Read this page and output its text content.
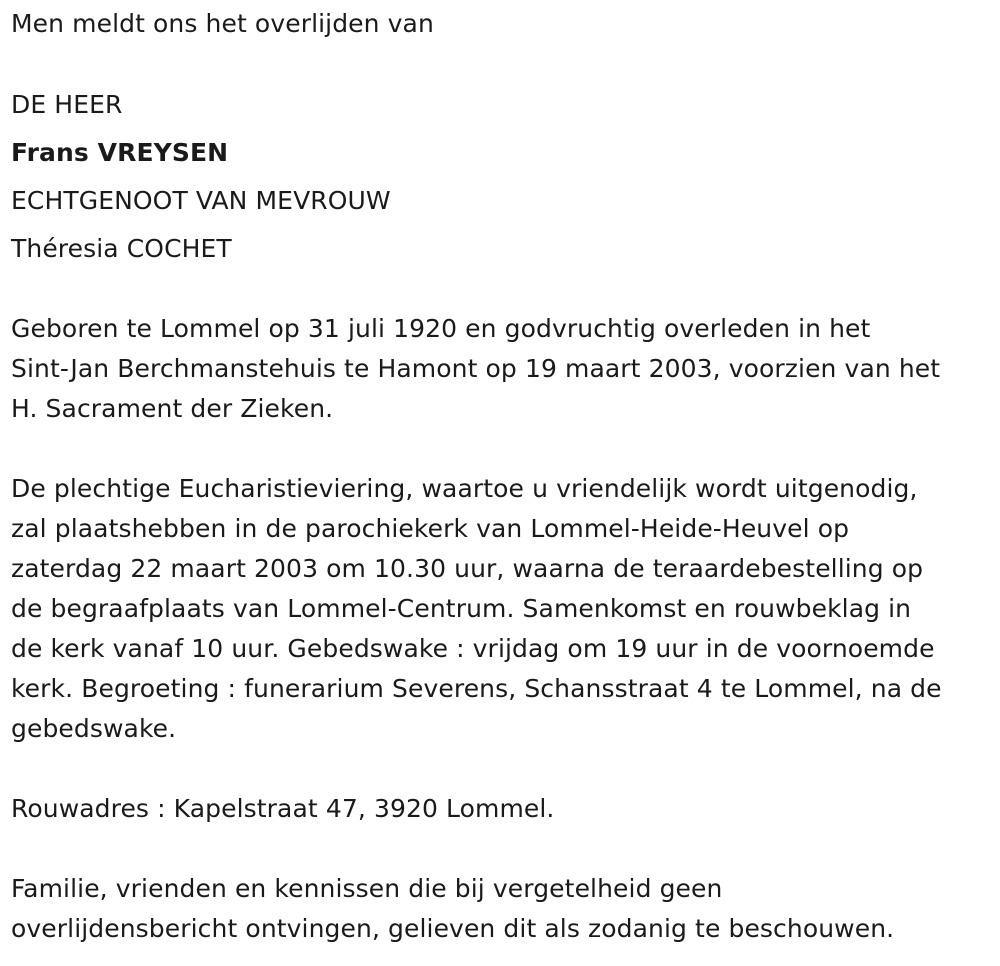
Men meldt ons het overlijden van
DE HEER
Frans VREYSEN
ECHTGENOOT VAN MEVROUW
Théresia COCHET
Geboren te Lommel op 31 juli 1920 en godvruchtig overleden in het
Sint-Jan Berchmanstehuis te Hamont op 19 maart 2003, voorzien van het
H. Sacrament der Zieken.
De plechtige Eucharistieviering, waartoe u vriendelijk wordt uitgenodig,
zal plaatshebben in de parochiekerk van Lommel-Heide-Heuvel op
zaterdag 22 maart 2003 om 10.30 uur, waarna de teraardebestelling op
de begraafplaats van Lommel-Centrum. Samenkomst en rouwbeklag in
de kerk vanaf 10 uur. Gebedswake : vrijdag om 19 uur in de voornoemde
kerk. Begroeting : funerarium Severens, Schansstraat 4 te Lommel, na de
gebedswake.
Rouwadres : Kapelstraat 47, 3920 Lommel.
Familie, vrienden en kennissen die bij vergetelheid geen
overlijdensbericht ontvingen, gelieven dit als zodanig te beschouwen.
